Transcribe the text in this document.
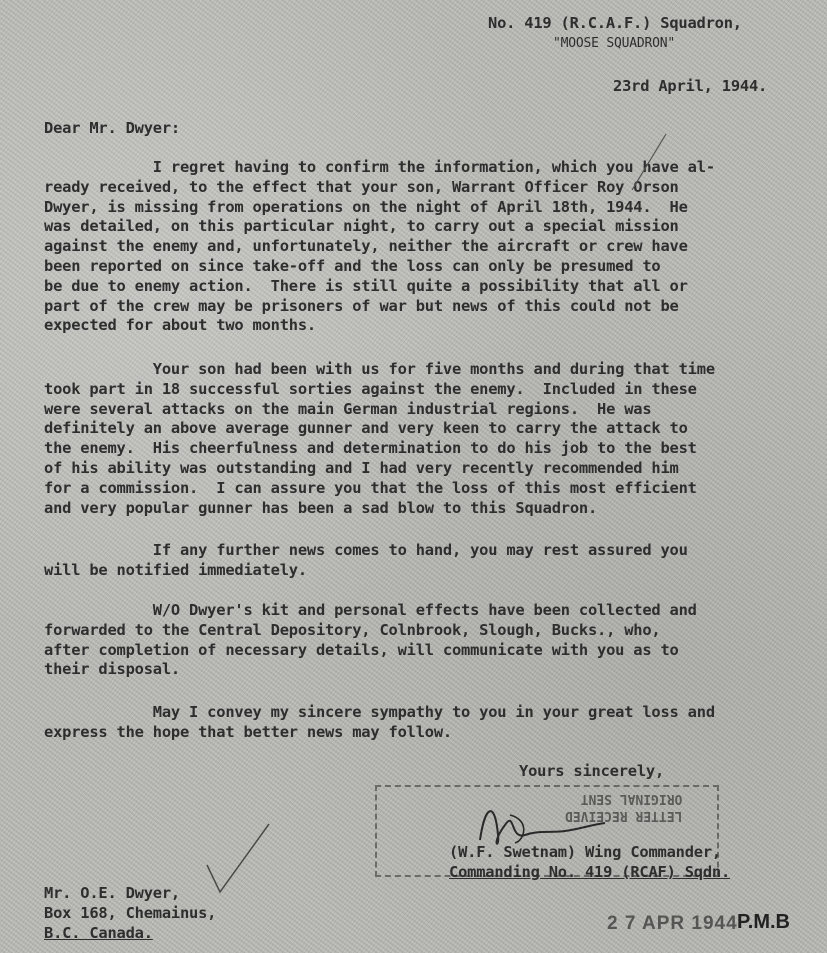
No. 419 (R.C.A.F.) Squadron,
"MOOSE SQUADRON"
23rd April, 1944.
Dear Mr. Dwyer:
I regret having to confirm the information, which you have al-
ready received, to the effect that your son, Warrant Officer Roy Orson
Dwyer, is missing from operations on the night of April 18th, 1944.  He
was detailed, on this particular night, to carry out a special mission
against the enemy and, unfortunately, neither the aircraft or crew have
been reported on since take-off and the loss can only be presumed to
be due to enemy action.  There is still quite a possibility that all or
part of the crew may be prisoners of war but news of this could not be
expected for about two months.
Your son had been with us for five months and during that time
took part in 18 successful sorties against the enemy.  Included in these
were several attacks on the main German industrial regions.  He was
definitely an above average gunner and very keen to carry the attack to
the enemy.  His cheerfulness and determination to do his job to the best
of his ability was outstanding and I had very recently recommended him
for a commission.  I can assure you that the loss of this most efficient
and very popular gunner has been a sad blow to this Squadron.
If any further news comes to hand, you may rest assured you
will be notified immediately.
W/O Dwyer's kit and personal effects have been collected and
forwarded to the Central Depository, Colnbrook, Slough, Bucks., who,
after completion of necessary details, will communicate with you as to
their disposal.
May I convey my sincere sympathy to you in your great loss and
express the hope that better news may follow.
Yours sincerely,
LETTER RECEIVED
ORIGINAL SENT
(W.F. Swetnam) Wing Commander,
Commanding No. 419 (RCAF) Sqdn.
Mr. O.E. Dwyer,
Box 168, Chemainus,
B.C. Canada.	2 7 APR 1944 P.M.B
